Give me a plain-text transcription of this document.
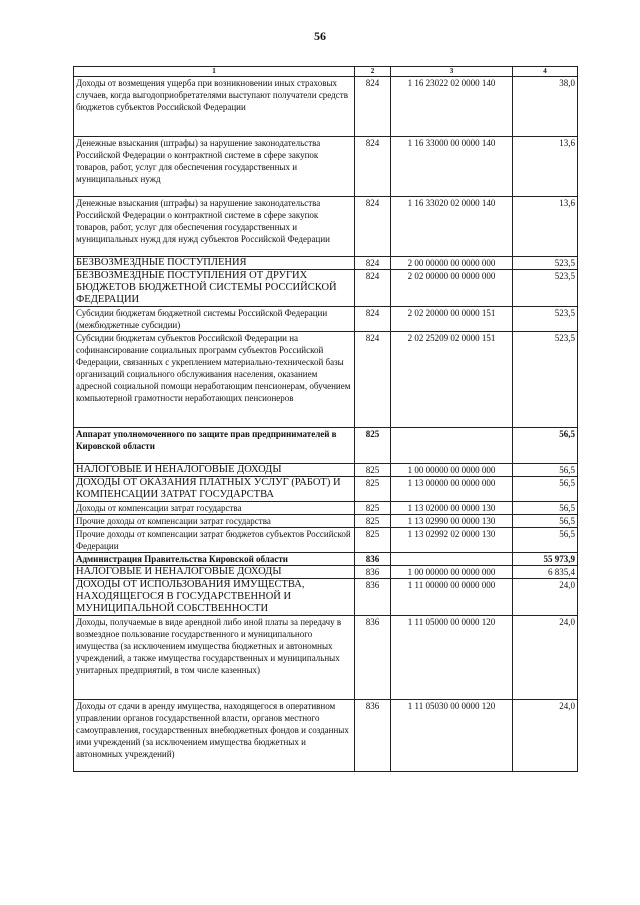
56
1	2	3	4
Доходы от возмещения ущерба при возникновении иных страховых случаев, когда выгодоприобретателями выступают получатели средств бюджетов субъектов Российской Федерации	824	1 16 23022 02 0000 140	38,0
Денежные взыскания (штрафы) за нарушение законодательства Российской Федерации о контрактной системе в сфере закупок товаров, работ, услуг для обеспечения государственных и муниципальных нужд	824	1 16 33000 00 0000 140	13,6
Денежные взыскания (штрафы) за нарушение законодательства Российской Федерации о контрактной системе в сфере закупок товаров, работ, услуг для обеспечения государственных и муниципальных нужд для нужд субъектов Российской Федерации	824	1 16 33020 02 0000 140	13,6
БЕЗВОЗМЕЗДНЫЕ ПОСТУПЛЕНИЯ	824	2 00 00000 00 0000 000	523,5
БЕЗВОЗМЕЗДНЫЕ ПОСТУПЛЕНИЯ ОТ ДРУГИХ БЮДЖЕТОВ БЮДЖЕТНОЙ СИСТЕМЫ РОССИЙСКОЙ ФЕДЕРАЦИИ	824	2 02 00000 00 0000 000	523,5
Субсидии бюджетам бюджетной системы Российской Федерации (межбюджетные субсидии)	824	2 02 20000 00 0000 151	523,5
Субсидии бюджетам субъектов Российской Федерации на софинансирование социальных программ субъектов Российской Федерации, связанных с укреплением материально-технической базы организаций социального обслуживания населения, оказанием адресной социальной помощи неработающим пенсионерам, обучением компьютерной грамотности неработающих пенсионеров	824	2 02 25209 02 0000 151	523,5
Аппарат уполномоченного по защите прав предпринимателей в Кировской области	825		56,5
НАЛОГОВЫЕ И НЕНАЛОГОВЫЕ ДОХОДЫ	825	1 00 00000 00 0000 000	56,5
ДОХОДЫ ОТ ОКАЗАНИЯ ПЛАТНЫХ УСЛУГ (РАБОТ) И КОМПЕНСАЦИИ ЗАТРАТ ГОСУДАРСТВА	825	1 13 00000 00 0000 000	56,5
Доходы от компенсации затрат государства	825	1 13 02000 00 0000 130	56,5
Прочие доходы от компенсации затрат государства	825	1 13 02990 00 0000 130	56,5
Прочие доходы от компенсации затрат бюджетов субъектов Российской Федерации	825	1 13 02992 02 0000 130	56,5
Администрация Правительства Кировской области	836		55 973,9
НАЛОГОВЫЕ И НЕНАЛОГОВЫЕ ДОХОДЫ	836	1 00 00000 00 0000 000	6 835,4
ДОХОДЫ ОТ ИСПОЛЬЗОВАНИЯ ИМУЩЕСТВА, НАХОДЯЩЕГОСЯ В ГОСУДАРСТВЕННОЙ И МУНИЦИПАЛЬНОЙ СОБСТВЕННОСТИ	836	1 11 00000 00 0000 000	24,0
Доходы, получаемые в виде арендной либо иной платы за передачу в возмездное пользование государственного и муниципального имущества (за исключением имущества бюджетных и автономных учреждений, а также имущества государственных и муниципальных унитарных предприятий, в том числе казенных)	836	1 11 05000 00 0000 120	24,0
Доходы от сдачи в аренду имущества, находящегося в оперативном управлении органов государственной власти, органов местного самоуправления, государственных внебюджетных фондов и созданных ими учреждений (за исключением имущества бюджетных и автономных учреждений)	836	1 11 05030 00 0000 120	24,0
